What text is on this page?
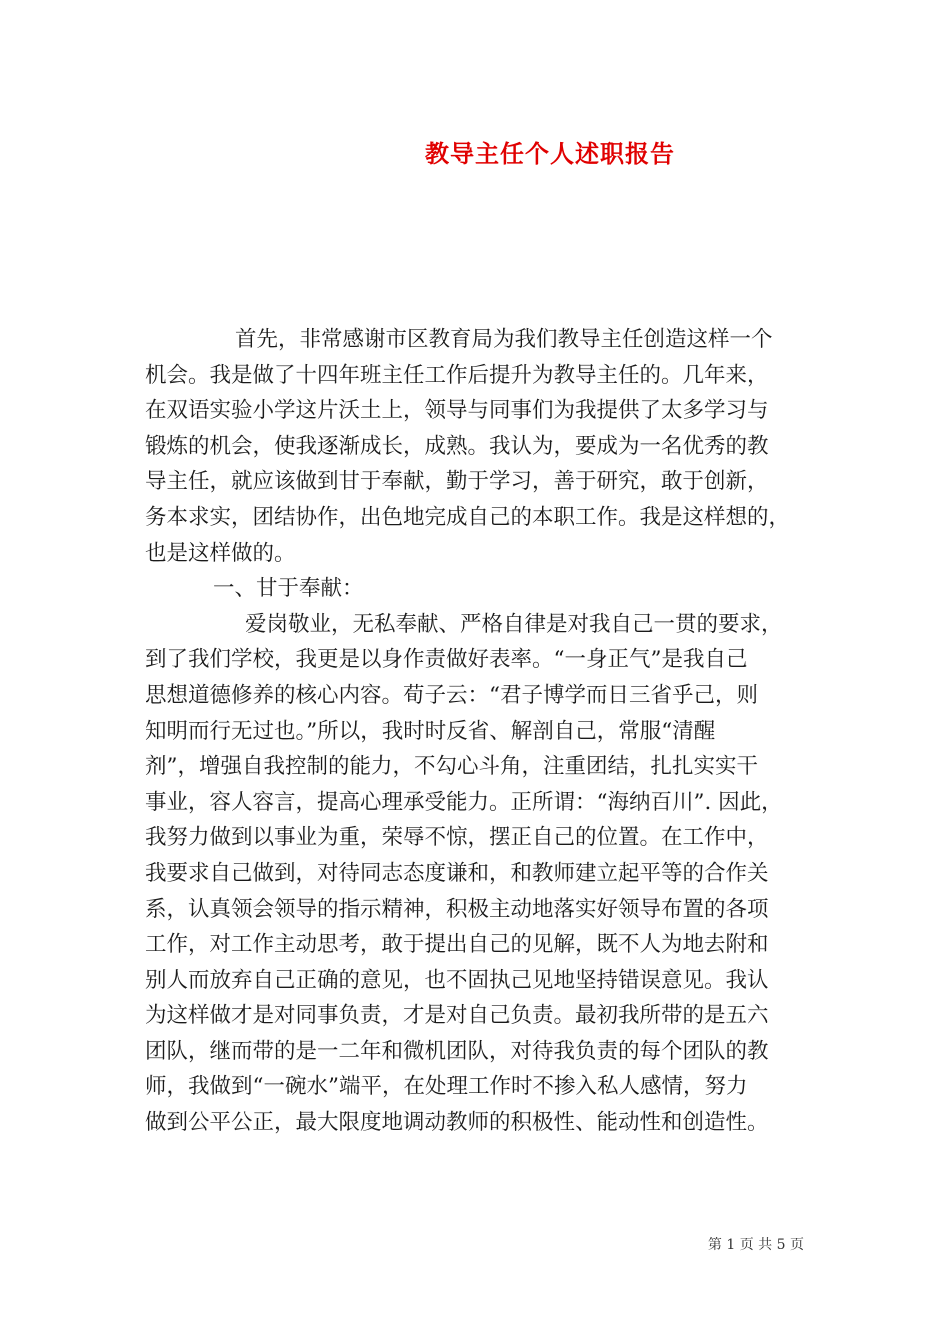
教导主任个人述职报告
首先，非常感谢市区教育局为我们教导主任创造这样一个
机会。我是做了十四年班主任工作后提升为教导主任的。几年来，
在双语实验小学这片沃土上，领导与同事们为我提供了太多学习与
锻炼的机会，使我逐渐成长，成熟。我认为，要成为一名优秀的教
导主任，就应该做到甘于奉献，勤于学习，善于研究，敢于创新，
务本求实，团结协作，出色地完成自己的本职工作。我是这样想的，
也是这样做的。
一、甘于奉献：
爱岗敬业，无私奉献、严格自律是对我自己一贯的要求，
到了我们学校，我更是以身作责做好表率。“一身正气”是我自己
思想道德修养的核心内容。荀子云：“君子博学而日三省乎己，则
知明而行无过也。”所以，我时时反省、解剖自己，常服“清醒
剂”，增强自我控制的能力，不勾心斗角，注重团结，扎扎实实干
事业，容人容言，提高心理承受能力。正所谓：“海纳百川”. 因此，
我努力做到以事业为重，荣辱不惊，摆正自己的位置。在工作中，
我要求自己做到，对待同志态度谦和，和教师建立起平等的合作关
系，认真领会领导的指示精神，积极主动地落实好领导布置的各项
工作，对工作主动思考，敢于提出自己的见解，既不人为地去附和
别人而放弃自己正确的意见，也不固执己见地坚持错误意见。我认
为这样做才是对同事负责，才是对自己负责。最初我所带的是五六
团队，继而带的是一二年和微机团队，对待我负责的每个团队的教
师，我做到“一碗水”端平，在处理工作时不掺入私人感情，努力
做到公平公正，最大限度地调动教师的积极性、能动性和创造性。
第 1 页 共 5 页
